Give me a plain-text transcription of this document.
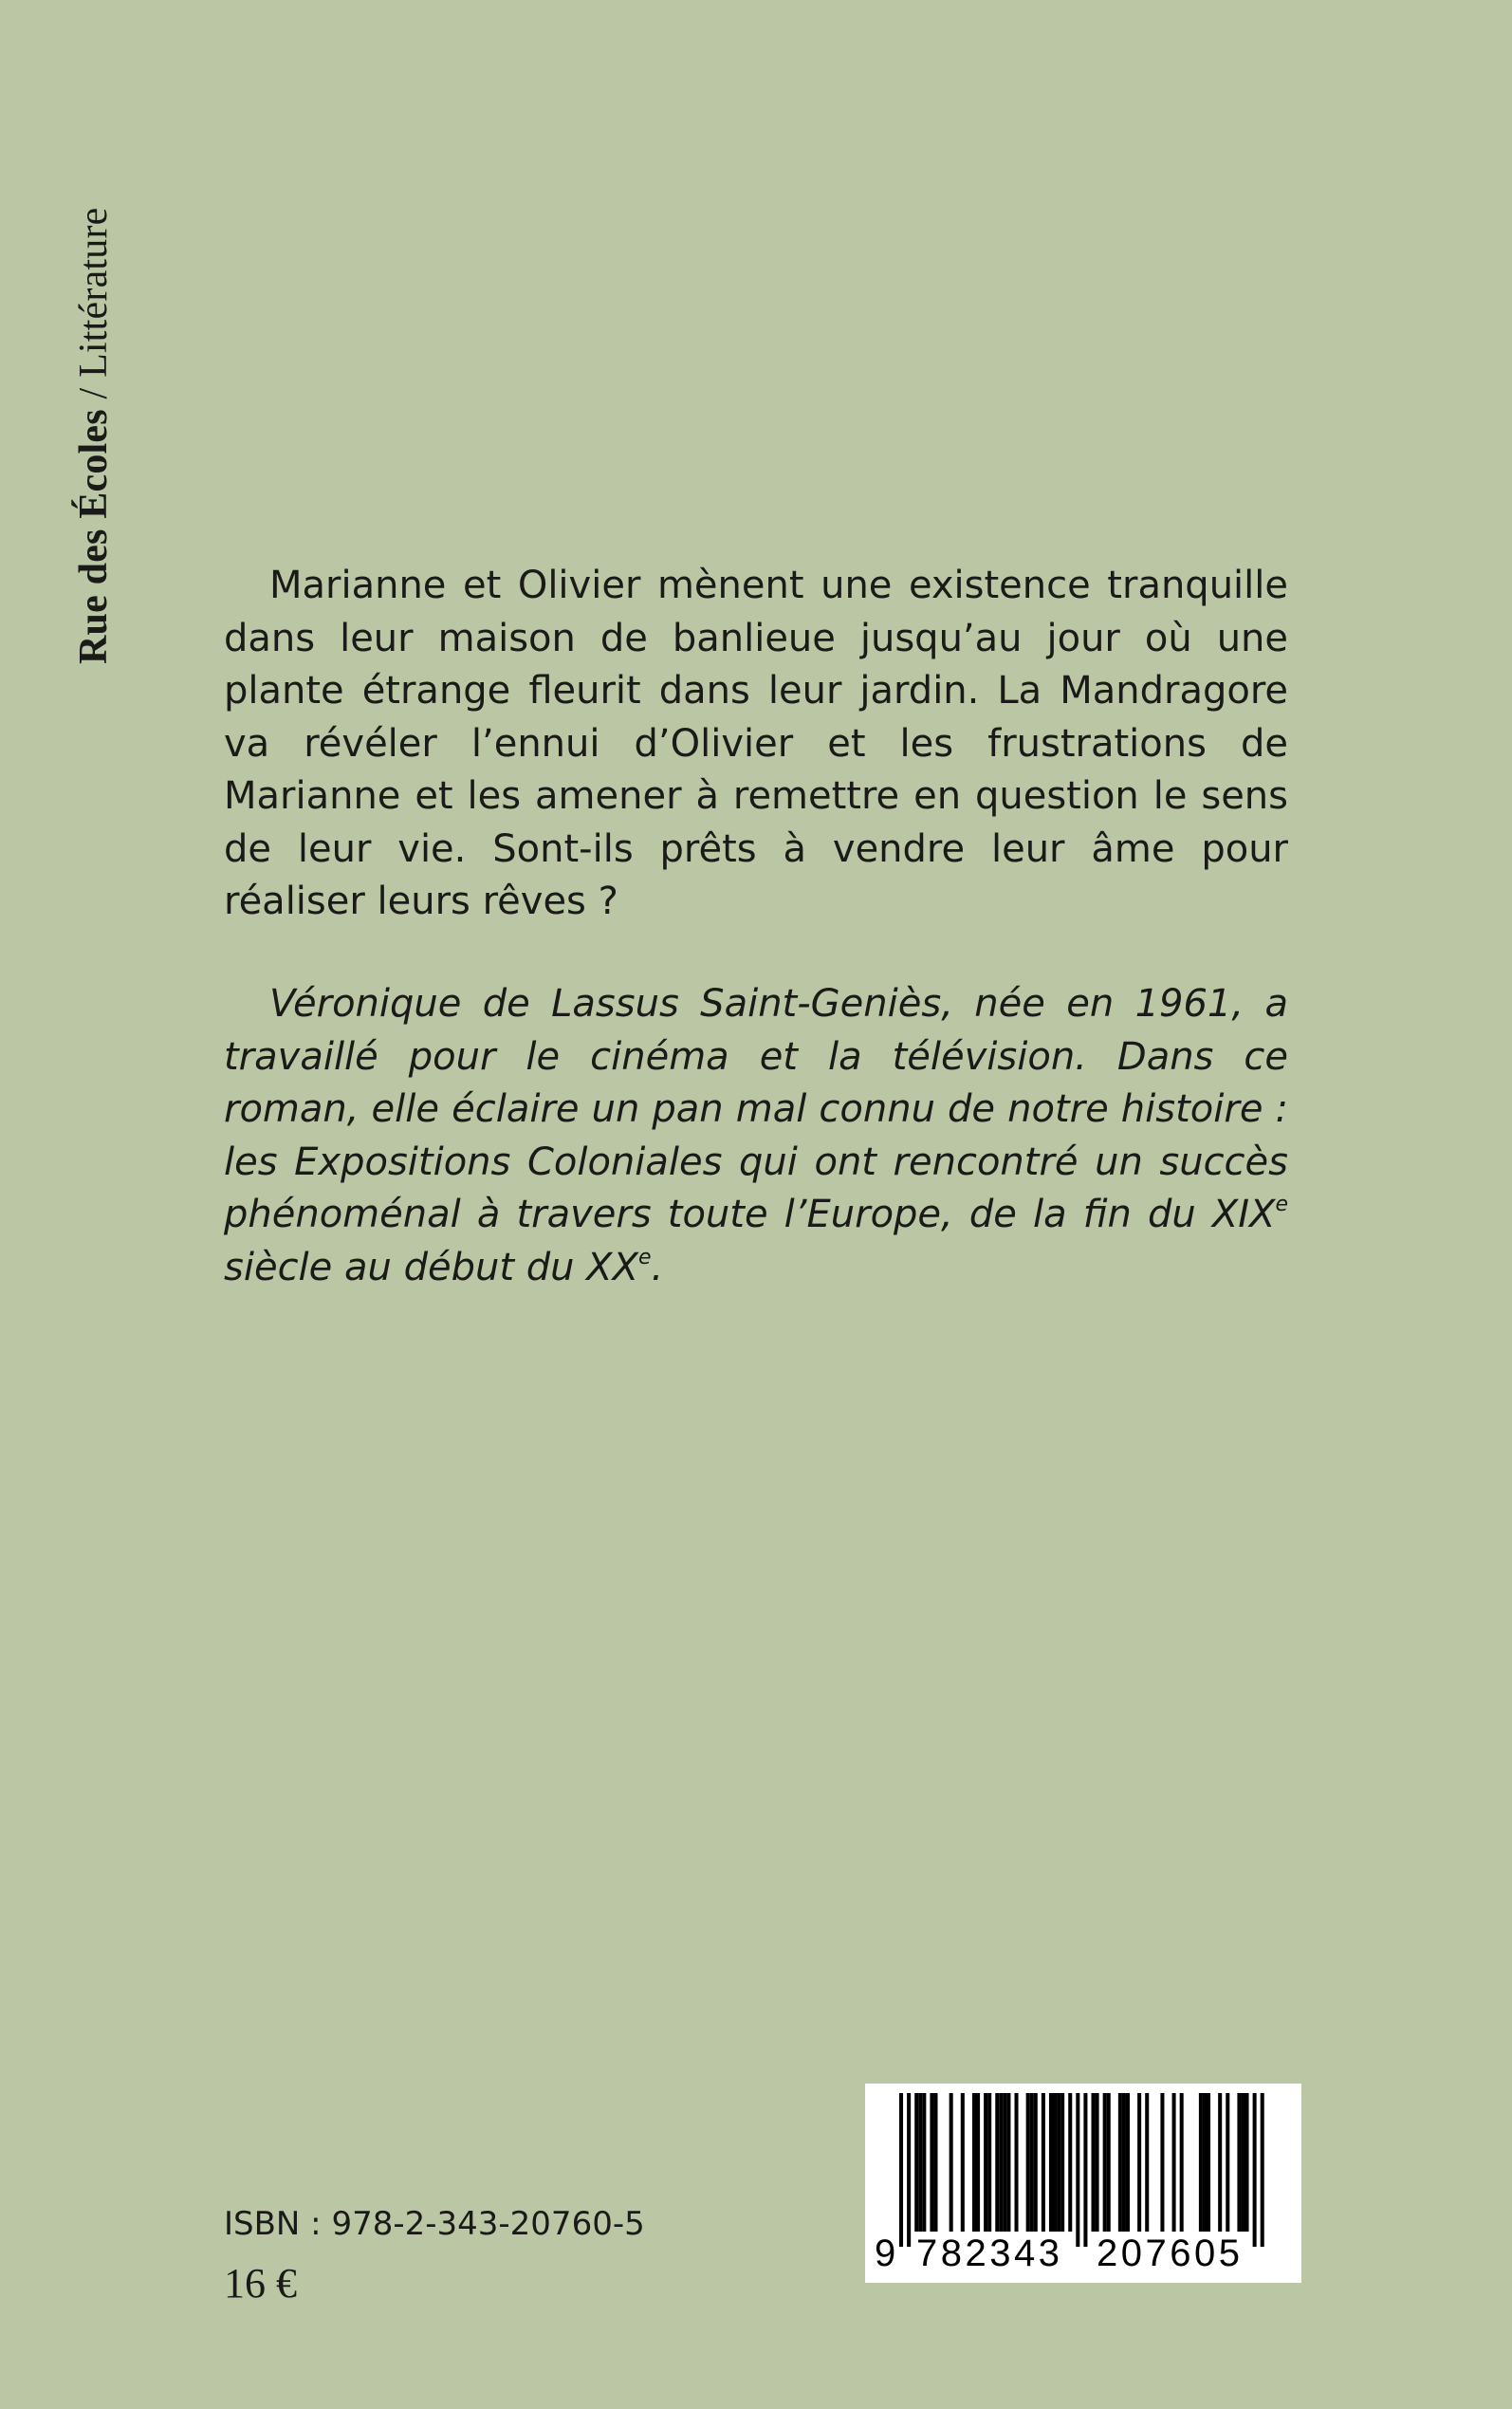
Rue des Écoles / Littérature

Marianne et Olivier mènent une existence tranquille dans leur maison de banlieue jusqu’au jour où une plante étrange fleurit dans leur jardin. La Mandragore va révéler l’ennui d’Olivier et les frustrations de Marianne et les amener à remettre en question le sens de leur vie. Sont-ils prêts à vendre leur âme pour réaliser leurs rêves ?

Véronique de Lassus Saint-Geniès, née en 1961, a travaillé pour le cinéma et la télévision. Dans ce roman, elle éclaire un pan mal connu de notre histoire : les Expositions Coloniales qui ont rencontré un succès phénoménal à travers toute l’Europe, de la fin du XIXe siècle au début du XXe.

ISBN : 978-2-343-20760-5
16 €
9 782343 207605
